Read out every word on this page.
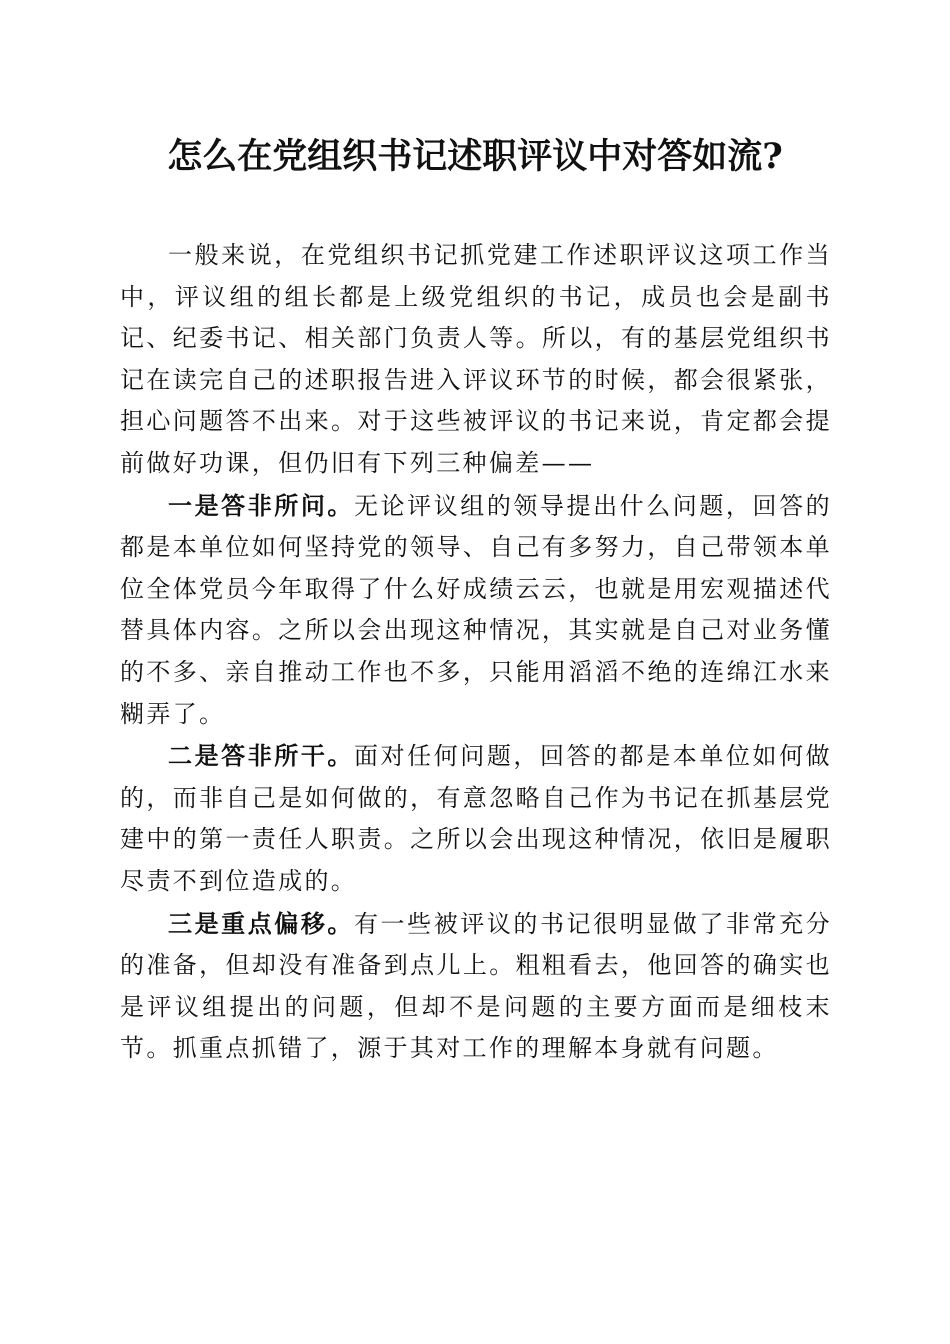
怎么在党组织书记述职评议中对答如流?

一般来说，在党组织书记抓党建工作述职评议这项工作当中，评议组的组长都是上级党组织的书记，成员也会是副书记、纪委书记、相关部门负责人等。所以，有的基层党组织书记在读完自己的述职报告进入评议环节的时候，都会很紧张，担心问题答不出来。对于这些被评议的书记来说，肯定都会提前做好功课，但仍旧有下列三种偏差——

一是答非所问。无论评议组的领导提出什么问题，回答的都是本单位如何坚持党的领导、自己有多努力，自己带领本单位全体党员今年取得了什么好成绩云云，也就是用宏观描述代替具体内容。之所以会出现这种情况，其实就是自己对业务懂的不多、亲自推动工作也不多，只能用滔滔不绝的连绵江水来糊弄了。

二是答非所干。面对任何问题，回答的都是本单位如何做的，而非自己是如何做的，有意忽略自己作为书记在抓基层党建中的第一责任人职责。之所以会出现这种情况，依旧是履职尽责不到位造成的。

三是重点偏移。有一些被评议的书记很明显做了非常充分的准备，但却没有准备到点儿上。粗粗看去，他回答的确实也是评议组提出的问题，但却不是问题的主要方面而是细枝末节。抓重点抓错了，源于其对工作的理解本身就有问题。
